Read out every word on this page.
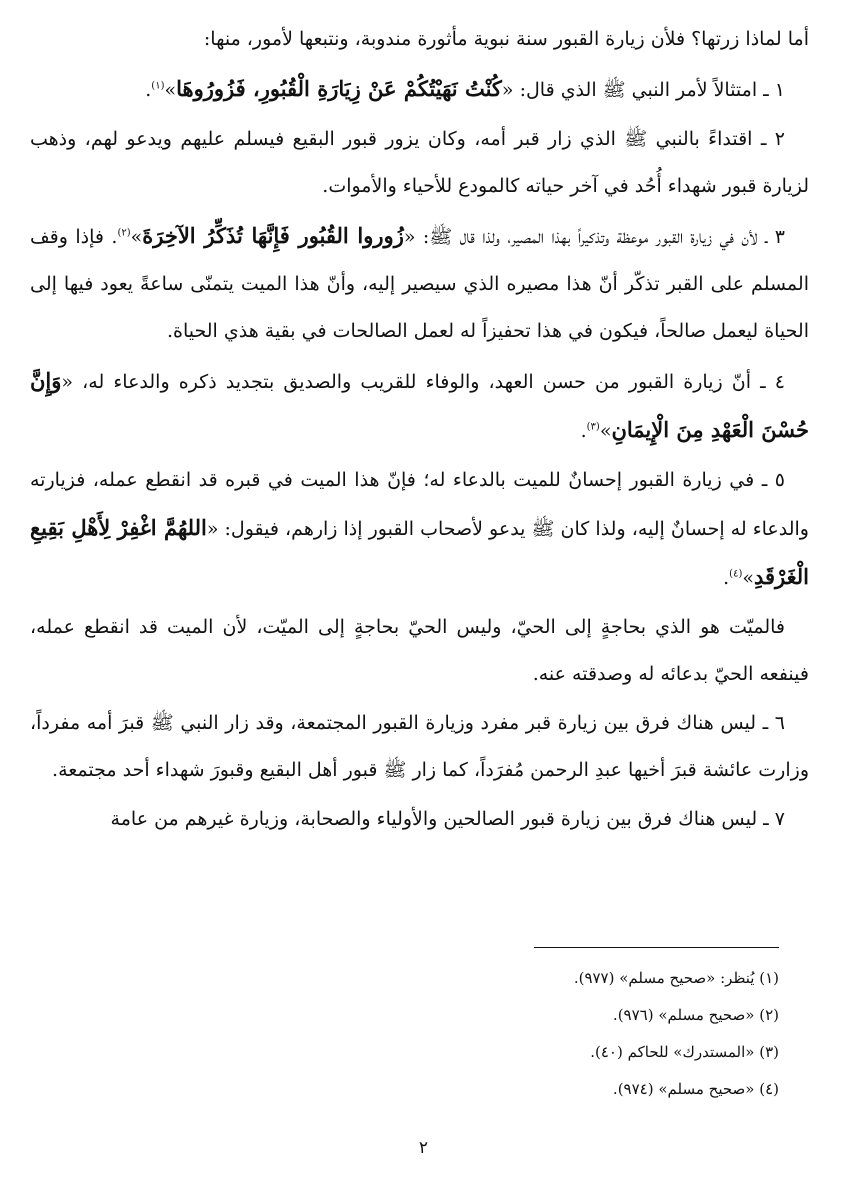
أما لماذا زرتها؟ فلأن زيارة القبور سنة نبوية مأثورة مندوبة، ونتبعها لأمور، منها:

١ ـ امتثالاً لأمر النبي ﷺ الذي قال: «كُنْتُ نَهَيْتُكُمْ عَنْ زِيَارَةِ الْقُبُورِ، فَزُورُوهَا»$^{(١)}$.

٢ ـ اقتداءً بالنبي ﷺ الذي زار قبر أمه، وكان يزور قبور البقيع فيسلم عليهم ويدعو لهم، وذهب لزيارة قبور شهداء أُحُد في آخر حياته كالمودع للأحياء والأموات.

٣ ـ لأن في زيارة القبور موعظة وتذكيراً بهذا المصير، ولذا قال ﷺ: «زُوروا القُبُور فَإِنَّهَا تُذَكِّرُ الآخِرَةَ»$^{(٢)}$. فإذا وقف المسلم على القبر تذكّر أنّ هذا مصيره الذي سيصير إليه، وأنّ هذا الميت يتمنّى ساعةً يعود فيها إلى الحياة ليعمل صالحاً، فيكون في هذا تحفيزاً له لعمل الصالحات في بقية هذي الحياة.

٤ ـ أنّ زيارة القبور من حسن العهد، والوفاء للقريب والصديق بتجديد ذكره والدعاء له، «وَإِنَّ حُسْنَ الْعَهْدِ مِنَ الْإِيمَانِ»$^{(٣)}$.

٥ ـ في زيارة القبور إحسانٌ للميت بالدعاء له؛ فإنّ هذا الميت في قبره قد انقطع عمله، فزيارته والدعاء له إحسانٌ إليه، ولذا كان ﷺ يدعو لأصحاب القبور إذا زارهم، فيقول: «اللهُمَّ اغْفِرْ لِأَهْلِ بَقِيعِ الْغَرْقَدِ»$^{(٤)}$.

فالميّت هو الذي بحاجةٍ إلى الحيّ، وليس الحيّ بحاجةٍ إلى الميّت، لأن الميت قد انقطع عمله، فينفعه الحيّ بدعائه له وصدقته عنه.

٦ ـ ليس هناك فرق بين زيارة قبر مفرد وزيارة القبور المجتمعة، وقد زار النبي ﷺ قبرَ أمه مفرداً، وزارت عائشة قبرَ أخيها عبدِ الرحمن مُفرَداً، كما زار ﷺ قبور أهل البقيع وقبورَ شهداء أحد مجتمعة.

٧ ـ ليس هناك فرق بين زيارة قبور الصالحين والأولياء والصحابة، وزيارة غيرهم من عامة

(١) يُنظر: «صحيح مسلم» (٩٧٧).

(٢) «صحيح مسلم» (٩٧٦).

(٣) «المستدرك» للحاكم (٤٠).

(٤) «صحيح مسلم» (٩٧٤).

٢
